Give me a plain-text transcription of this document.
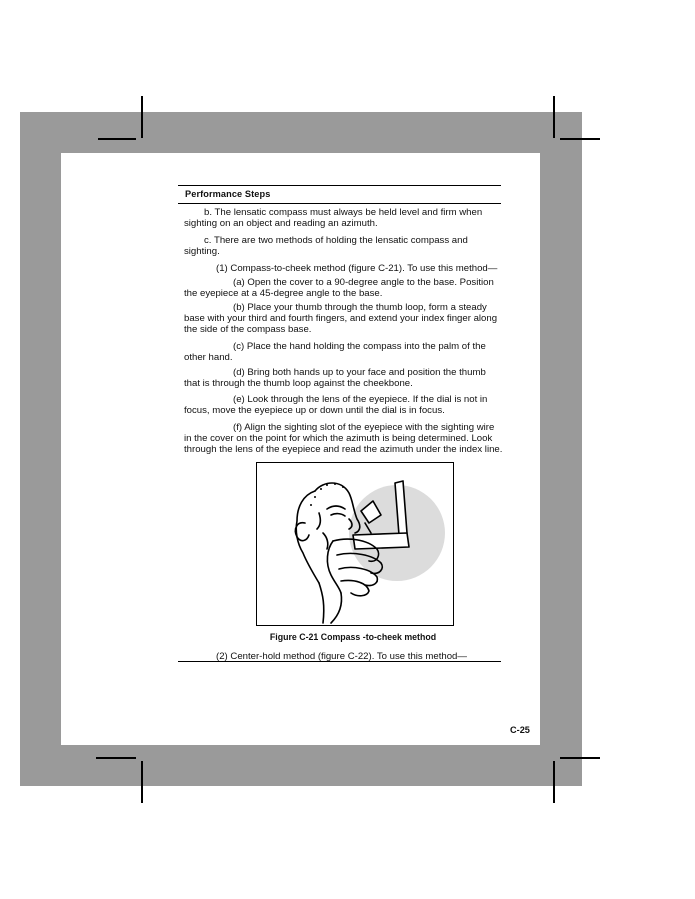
Performance Steps
b. The lensatic compass must always be held level and firm when
sighting on an object and reading an azimuth.
c. There are two methods of holding the lensatic compass and
sighting.
(1) Compass-to-cheek method (figure C-21). To use this method—
(a) Open the cover to a 90-degree angle to the base. Position
the eyepiece at a 45-degree angle to the base.
(b) Place your thumb through the thumb loop, form a steady
base with your third and fourth fingers, and extend your index finger along
the side of the compass base.
(c) Place the hand holding the compass into the palm of the
other hand.
(d) Bring both hands up to your face and position the thumb
that is through the thumb loop against the cheekbone.
(e) Look through the lens of the eyepiece. If the dial is not in
focus, move the eyepiece up or down until the dial is in focus.
(f) Align the sighting slot of the eyepiece with the sighting wire
in the cover on the point for which the azimuth is being determined. Look
through the lens of the eyepiece and read the azimuth under the index line.
Figure C-21 Compass -to-cheek method
(2) Center-hold method (figure C-22). To use this method—
C-25
